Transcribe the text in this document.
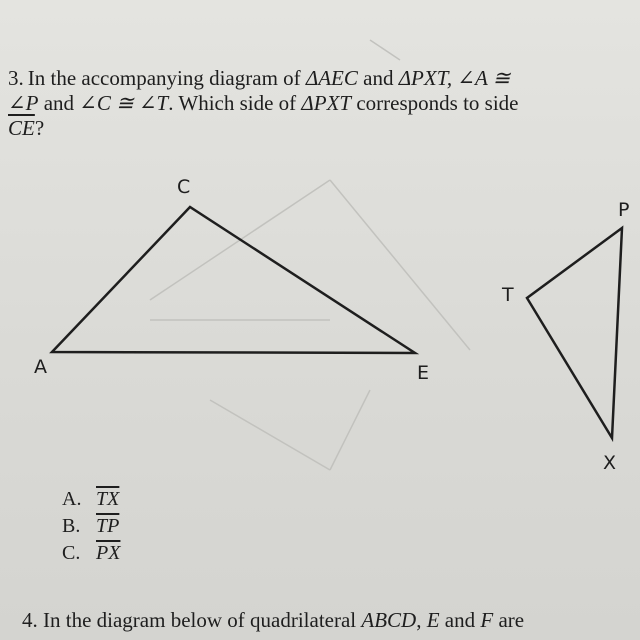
3. In the accompanying diagram of ΔAEC and ΔPXT, ∠A ≅
∠P and ∠C ≅ ∠T. Which side of ΔPXT corresponds to side
$\overline{CE}$?
C
A	E
P
T
X
A. $\overline{TX}$
B. $\overline{TP}$
C. $\overline{PX}$
4. In the diagram below of quadrilateral ABCD, E and F are
